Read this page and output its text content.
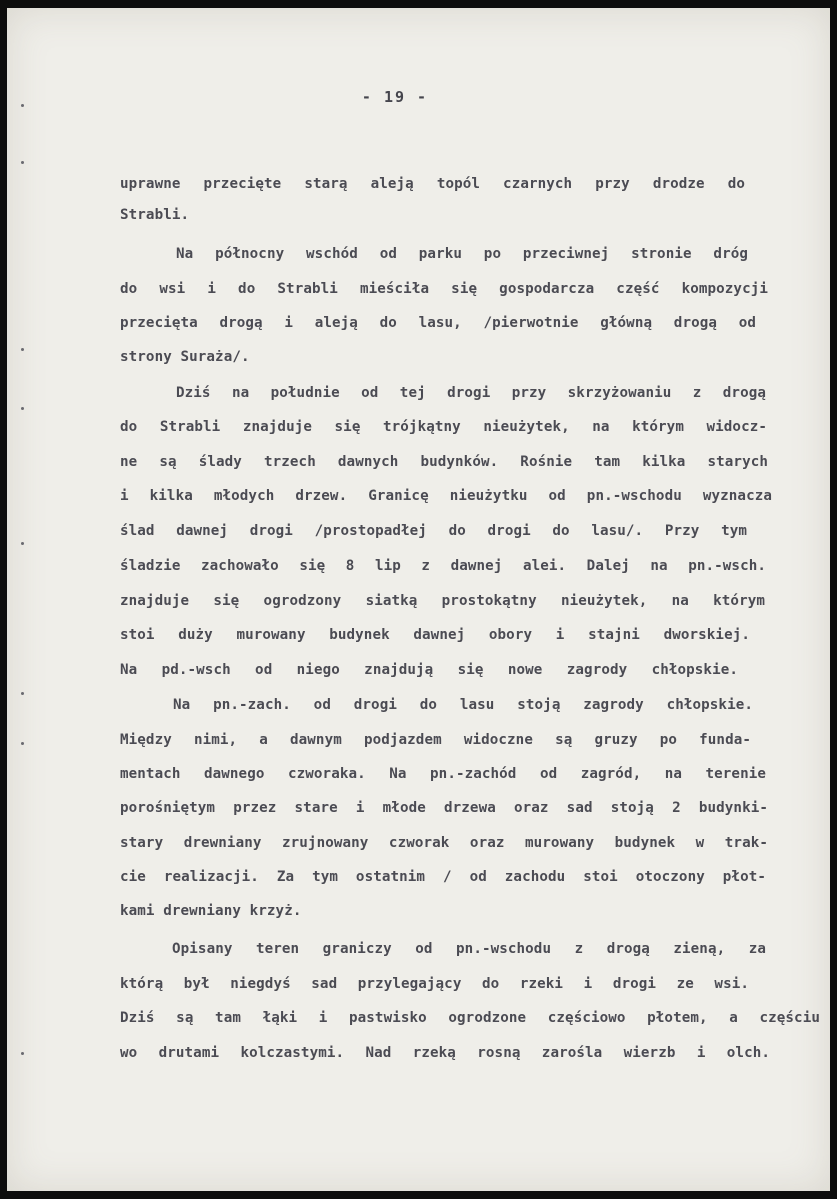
- 19 -
uprawne przecięte starą aleją topól czarnych przy drodze do
Strabli.
Na północny wschód od parku po przeciwnej stronie dróg
do wsi i do Strabli mieściła się gospodarcza część kompozycji
przecięta drogą i aleją do lasu, /pierwotnie główną drogą od
strony Suraża/.
Dziś na południe od tej drogi przy skrzyżowaniu z drogą
do Strabli znajduje się trójkątny nieużytek, na którym widocz-
ne są ślady trzech dawnych budynków. Rośnie tam kilka starych
i kilka młodych drzew. Granicę nieużytku od pn.-wschodu wyznacza
ślad dawnej drogi /prostopadłej do drogi do lasu/. Przy tym
śladzie zachowało się 8 lip z dawnej alei. Dalej na pn.-wsch.
znajduje się ogrodzony siatką prostokątny nieużytek, na którym
stoi duży murowany budynek dawnej obory i stajni dworskiej.
Na pd.-wsch od niego znajdują się nowe zagrody chłopskie.
Na pn.-zach. od drogi do lasu stoją zagrody chłopskie.
Między nimi, a dawnym podjazdem widoczne są gruzy po funda-
mentach dawnego czworaka. Na pn.-zachód od zagród, na terenie
porośniętym przez stare i młode drzewa oraz sad stoją 2 budynki-
stary drewniany zrujnowany czworak oraz murowany budynek w trak-
cie realizacji. Za tym ostatnim / od zachodu stoi otoczony płot-
kami drewniany krzyż.
Opisany teren graniczy od pn.-wschodu z drogą zieną, za
którą był niegdyś sad przylegający do rzeki i drogi ze wsi.
Dziś są tam łąki i pastwisko ogrodzone częściowo płotem, a częściu
wo drutami kolczastymi. Nad rzeką rosną zarośla wierzb i olch.
